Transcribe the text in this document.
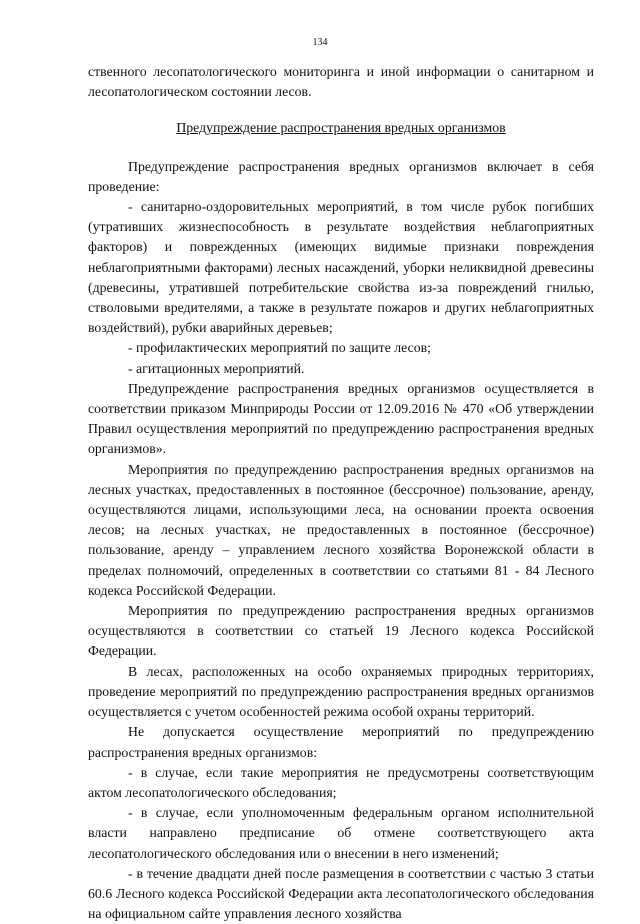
134

ственного лесопатологического мониторинга и иной информации о санитарном и лесопатологическом состоянии лесов.

Предупреждение распространения вредных организмов

Предупреждение распространения вредных организмов включает в себя проведение:

- санитарно-оздоровительных мероприятий, в том числе рубок погибших (утративших жизнеспособность в результате воздействия неблагоприятных факторов) и поврежденных (имеющих видимые признаки повреждения неблагоприятными факторами) лесных насаждений, уборки неликвидной древесины (древесины, утратившей потребительские свойства из-за повреждений гнилью, стволовыми вредителями, а также в результате пожаров и других неблагоприятных воздействий), рубки аварийных деревьев;

- профилактических мероприятий по защите лесов;

- агитационных мероприятий.

Предупреждение распространения вредных организмов осуществляется в соответствии приказом Минприроды России от 12.09.2016 № 470 «Об утверждении Правил осуществления мероприятий по предупреждению распространения вредных организмов».

Мероприятия по предупреждению распространения вредных организмов на лесных участках, предоставленных в постоянное (бессрочное) пользование, аренду, осуществляются лицами, использующими леса, на основании проекта освоения лесов; на лесных участках, не предоставленных в постоянное (бессрочное) пользование, аренду – управлением лесного хозяйства Воронежской области в пределах полномочий, определенных в соответствии со статьями 81 - 84 Лесного кодекса Российской Федерации.

Мероприятия по предупреждению распространения вредных организмов осуществляются в соответствии со статьей 19 Лесного кодекса Российской Федерации.

В лесах, расположенных на особо охраняемых природных территориях, проведение мероприятий по предупреждению распространения вредных организмов осуществляется с учетом особенностей режима особой охраны территорий.

Не допускается осуществление мероприятий по предупреждению распространения вредных организмов:

- в случае, если такие мероприятия не предусмотрены соответствующим актом лесопатологического обследования;

- в случае, если уполномоченным федеральным органом исполнительной власти направлено предписание об отмене соответствующего акта лесопатологического обследования или о внесении в него изменений;

- в течение двадцати дней после размещения в соответствии с частью 3 статьи 60.6 Лесного кодекса Российской Федерации акта лесопатологического обследования на официальном сайте управления лесного хозяйства
